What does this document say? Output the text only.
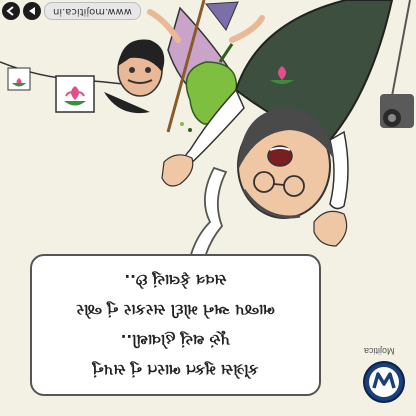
www.mojitica.in
કોંગ્રેસ મુક્ત ભારત નું સપનું
પૂરું થયું હોવાથી..
ભાજપ અને મોદી સરકાર નું જોર
સવત્ર ફેલાયું છે..
Mojitica
